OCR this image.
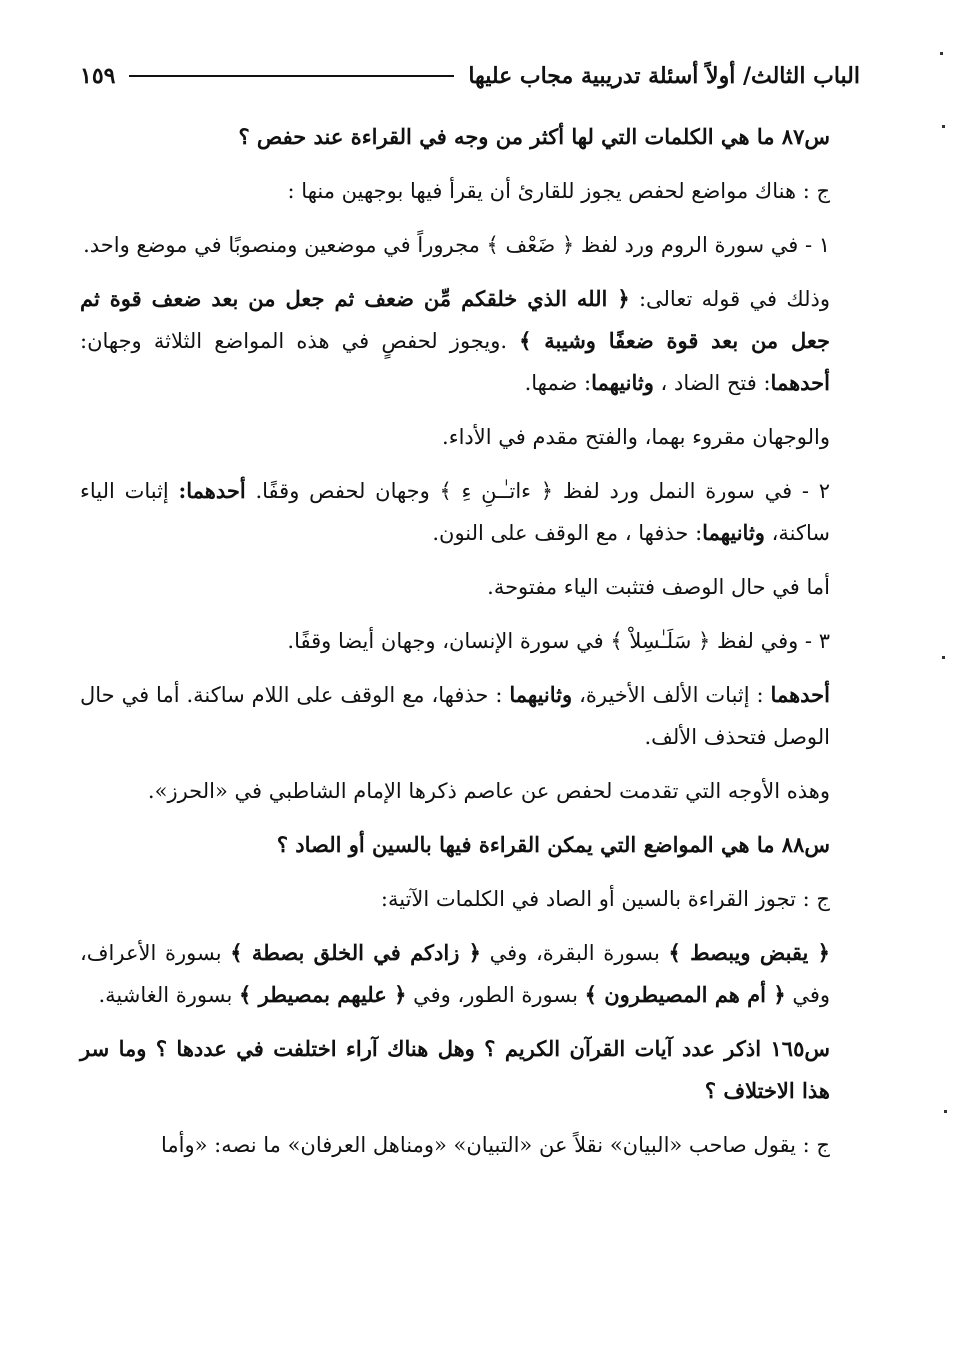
الباب الثالث/ أولاً أسئلة تدريبية مجاب عليها
١٥٩

س٨٧ ما هي الكلمات التي لها أكثر من وجه في القراءة عند حفص ؟

ج : هناك مواضع لحفص يجوز للقارئ أن يقرأ فيها بوجهين منها :

١ - في سورة الروم ورد لفظ ﴿ ضَعْف ﴾ مجروراً في موضعين ومنصوبًا في موضع واحد.

وذلك في قوله تعالى: ﴿ الله الذي خلقكم مِّن ضعف ثم جعل من بعد ضعف قوة ثم جعل من بعد قوة ضعفًا وشيبة ﴾ .ويجوز لحفصٍ في هذه المواضع الثلاثة وجهان: أحدهما: فتح الضاد ، وثانيهما: ضمها.

والوجهان مقروء بهما، والفتح مقدم في الأداء.

٢ - في سورة النمل ورد لفظ ﴿ ءاتـٰـنِ ءِ ﴾ وجهان لحفص وقفًا. أحدهما: إثبات الياء ساكنة، وثانيهما: حذفها ، مع الوقف على النون.

أما في حال الوصف فتثبت الياء مفتوحة.

٣ - وفي لفظ ﴿ سَلَـٰسِلاْ ﴾ في سورة الإنسان، وجهان أيضا وقفًا.

أحدهما : إثبات الألف الأخيرة، وثانيهما : حذفها، مع الوقف على اللام ساكنة. أما في حال الوصل فتحذف الألف.

وهذه الأوجه التي تقدمت لحفص عن عاصم ذكرها الإمام الشاطبي في «الحرز».

س٨٨ ما هي المواضع التي يمكن القراءة فيها بالسين أو الصاد ؟

ج : تجوز القراءة بالسين أو الصاد في الكلمات الآتية:

﴿ يقبض ويبصط ﴾ بسورة البقرة، وفي ﴿ زادكم في الخلق بصطة ﴾ بسورة الأعراف، وفي ﴿ أم هم المصيطرون ﴾ بسورة الطور، وفي ﴿ عليهم بمصيطر ﴾ بسورة الغاشية.

س١٦٥ اذكر عدد آيات القرآن الكريم ؟ وهل هناك آراء اختلفت في عددها ؟ وما سر هذا الاختلاف ؟

ج : يقول صاحب «البيان» نقلاً عن «التبيان» «ومناهل العرفان» ما نصه: «وأما
